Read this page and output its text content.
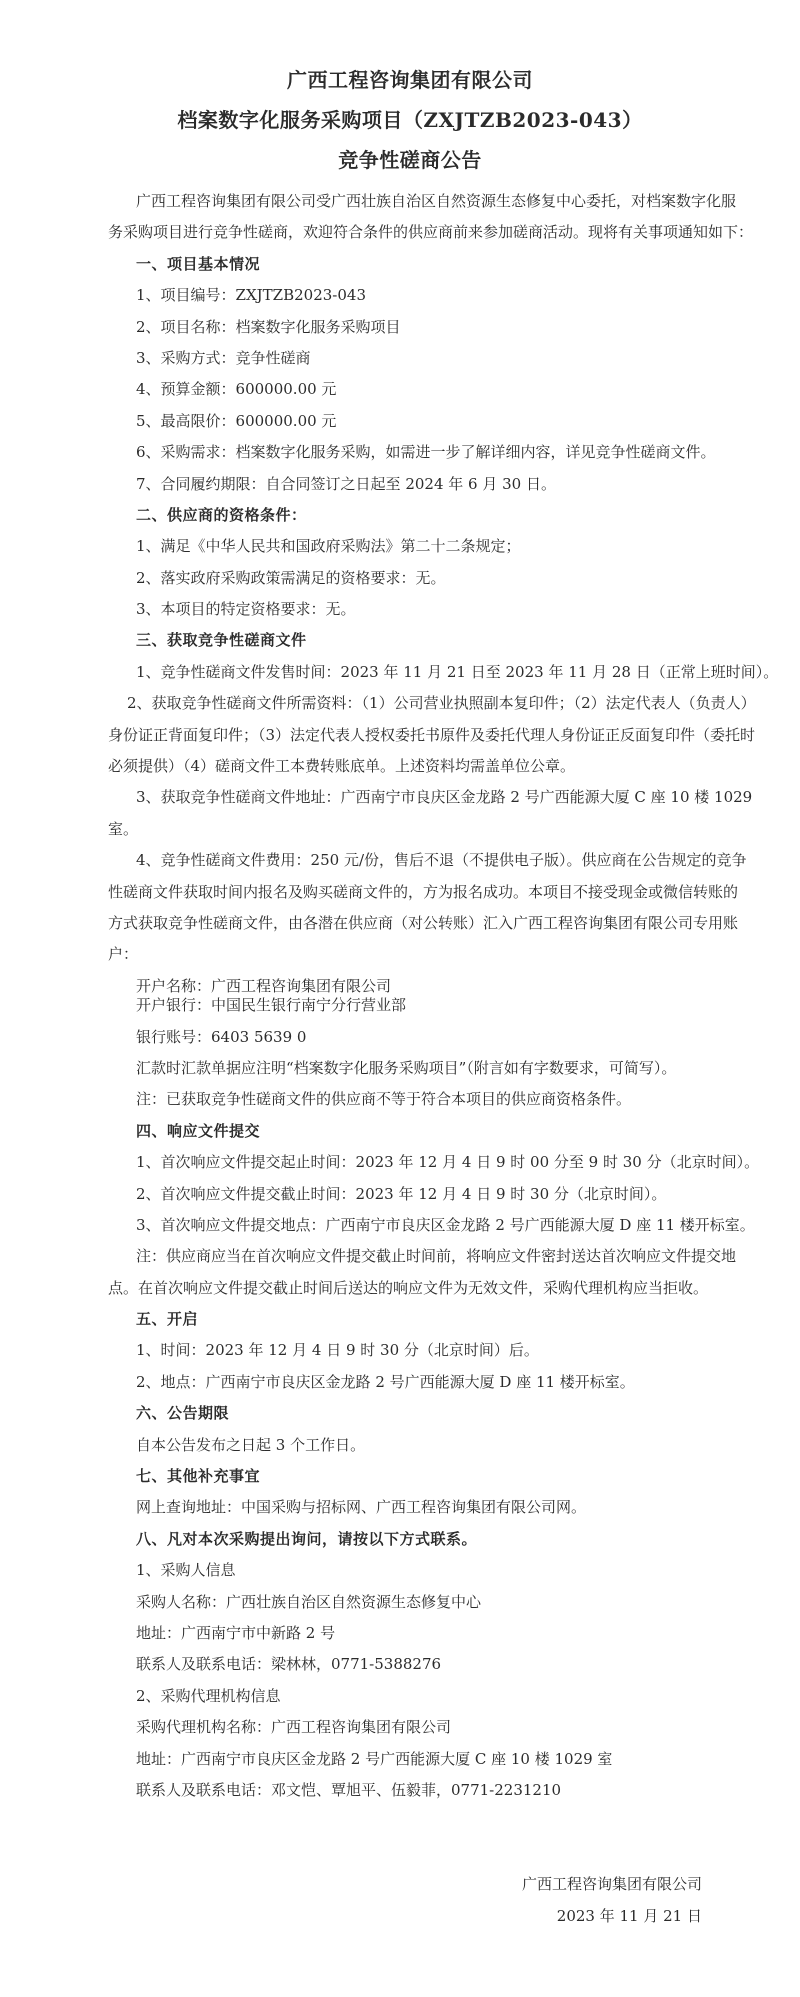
广西工程咨询集团有限公司
档案数字化服务采购项目（ZXJTZB2023-043）
竞争性磋商公告
广西工程咨询集团有限公司受广西壮族自治区自然资源生态修复中心委托，对档案数字化服
务采购项目进行竞争性磋商，欢迎符合条件的供应商前来参加磋商活动。现将有关事项通知如下：
一、项目基本情况
1、项目编号：ZXJTZB2023-043
2、项目名称：档案数字化服务采购项目
3、采购方式：竞争性磋商
4、预算金额：600000.00 元
5、最高限价：600000.00 元
6、采购需求：档案数字化服务采购，如需进一步了解详细内容，详见竞争性磋商文件。
7、合同履约期限：自合同签订之日起至 2024 年 6 月 30 日。
二、供应商的资格条件：
1、满足《中华人民共和国政府采购法》第二十二条规定；
2、落实政府采购政策需满足的资格要求：无。
3、本项目的特定资格要求：无。
三、获取竞争性磋商文件
1、竞争性磋商文件发售时间：2023 年 11 月 21 日至 2023 年 11 月 28 日（正常上班时间）。
2、获取竞争性磋商文件所需资料：（1）公司营业执照副本复印件；（2）法定代表人（负责人）
身份证正背面复印件；（3）法定代表人授权委托书原件及委托代理人身份证正反面复印件（委托时
必须提供）（4）磋商文件工本费转账底单。上述资料均需盖单位公章。
3、获取竞争性磋商文件地址：广西南宁市良庆区金龙路 2 号广西能源大厦 C 座 10 楼 1029
室。
4、竞争性磋商文件费用：250 元/份，售后不退（不提供电子版）。供应商在公告规定的竞争
性磋商文件获取时间内报名及购买磋商文件的，方为报名成功。本项目不接受现金或微信转账的
方式获取竞争性磋商文件，由各潜在供应商（对公转账）汇入广西工程咨询集团有限公司专用账
户：
开户名称：广西工程咨询集团有限公司
开户银行：中国民生银行南宁分行营业部
银行账号：6403 5639 0
汇款时汇款单据应注明“档案数字化服务采购项目”（附言如有字数要求，可简写）。
注：已获取竞争性磋商文件的供应商不等于符合本项目的供应商资格条件。
四、响应文件提交
1、首次响应文件提交起止时间：2023 年 12 月 4 日 9 时 00 分至 9 时 30 分（北京时间）。
2、首次响应文件提交截止时间：2023 年 12 月 4 日 9 时 30 分（北京时间）。
3、首次响应文件提交地点：广西南宁市良庆区金龙路 2 号广西能源大厦 D 座 11 楼开标室。
注：供应商应当在首次响应文件提交截止时间前，将响应文件密封送达首次响应文件提交地
点。在首次响应文件提交截止时间后送达的响应文件为无效文件，采购代理机构应当拒收。
五、开启
1、时间：2023 年 12 月 4 日 9 时 30 分（北京时间）后。
2、地点：广西南宁市良庆区金龙路 2 号广西能源大厦 D 座 11 楼开标室。
六、公告期限
自本公告发布之日起 3 个工作日。
七、其他补充事宜
网上查询地址：中国采购与招标网、广西工程咨询集团有限公司网。
八、凡对本次采购提出询问，请按以下方式联系。
1、采购人信息
采购人名称：广西壮族自治区自然资源生态修复中心
地址：广西南宁市中新路 2 号
联系人及联系电话：梁林林，0771-5388276
2、采购代理机构信息
采购代理机构名称：广西工程咨询集团有限公司
地址：广西南宁市良庆区金龙路 2 号广西能源大厦 C 座 10 楼 1029 室
联系人及联系电话：邓文恺、覃旭平、伍毅菲，0771-2231210
广西工程咨询集团有限公司
2023 年 11 月 21 日
